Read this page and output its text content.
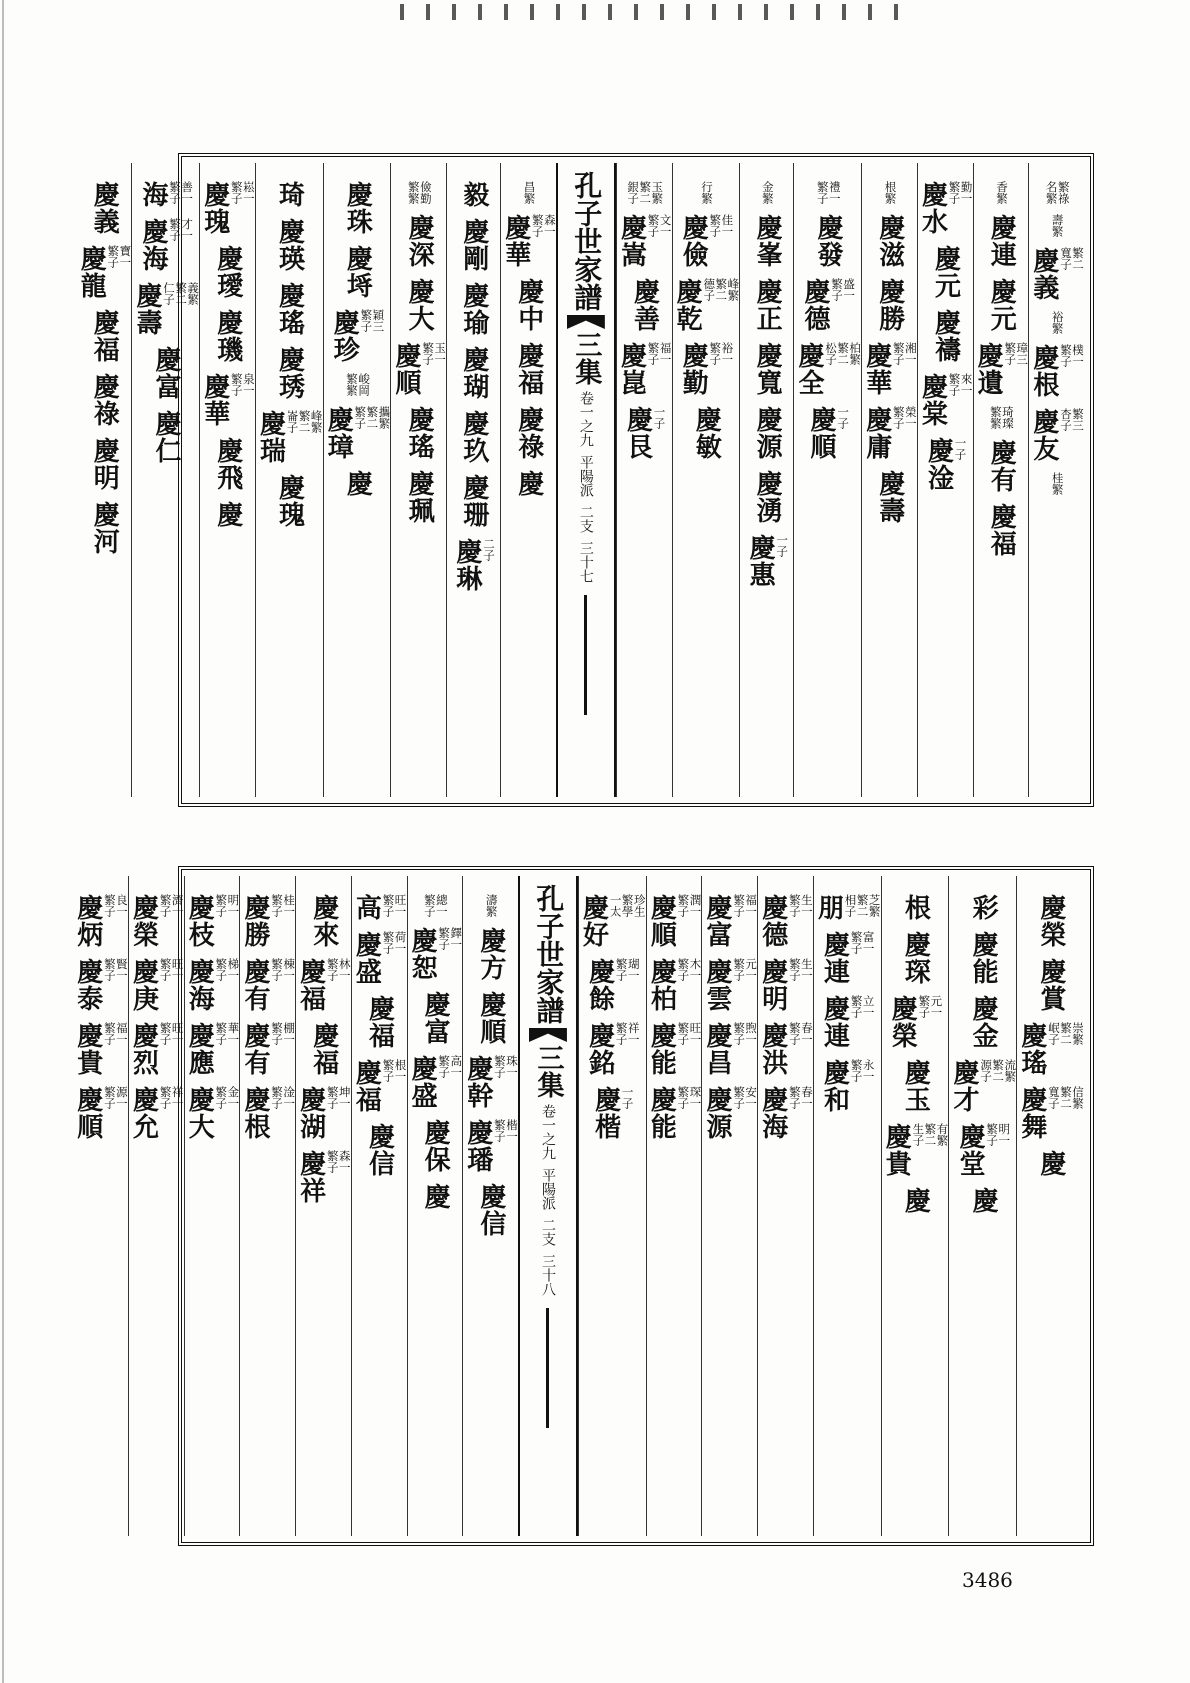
名繁
繁祿
壽繁
慶義 寬子
繁二
裕繁
慶根 繁子
樸一
慶友 杏子
繁三
桂繁
香繁
慶連
慶元
慶遺 繁子
璋三
繁繁
琦璨
慶有
慶福
慶水 繁子
勤一
慶元
慶禱
慶棠 繁子
來一
慶淦 一子
根繁
慶滋
慶勝
慶華 繁子
湘一
慶庸 繁子
榮一
慶壽
繁子
禮一
慶發
慶德 繁子
盛一
慶全 松子
繁二
柏繁
慶順 一子
金繁
慶峯
慶正
慶寬
慶源
慶湧
慶惠 一子
行繁
慶儉 繁子
佳一
慶乾 德子
繁二
峰繁
慶勤 繁子
裕一
慶敏
銀子
繁二
玉繁
慶嵩 繁子
文一
慶善
慶崑 繁子
福一
慶艮 一子
孔子世家譜
三集
卷一之九
平陽派
二支
三十七
昌繁
慶華 繁子
森一
慶中
慶福
慶祿
慶
毅
慶剛
慶瑜
慶瑚
慶玖
慶珊
慶琳 二子
繁繁
儉勤
慶深
慶大
慶順 繁子
玉一
慶瑤
慶珮
慶珠
慶埓
慶珍 繁子
穎三
繁繁
峻岡
慶璋 繁子
繁二
攜繁
慶
琦
慶瑛
慶瑤
慶琇
慶瑞 崙子
繁二
峰繁
慶瑰
慶瑰 繁子
崧一
慶璦
慶璣
慶華 繁子
泉一
慶飛
慶
海 繁子
善一
慶海 繁子
才一
慶壽 仁子
繁二
義繁
慶富
慶仁
慶義
慶龍 繁子
寶一
慶福
慶祿
慶明
慶河
慶榮
慶賞
慶瑤 岷子
繁二
崇繁
慶舞 寬子
繁二
信繁
慶
彩
慶能
慶金
慶才 源子
繁二
流繁
慶堂 繁子
明一
慶
根
慶琛
慶榮 繁子
元一
慶玉
慶貴 生子
繁二
有繁
慶
朋 相子
繁二
芝繁
慶連 繁子
富一
慶連 繁子
立一
慶和 繁子
永一
慶德 繁子
生一
慶明 繁子
生一
慶洪 繁子
春一
慶海 繁子
春一
慶富 繁子
福一
慶雲 繁子
元一
慶昌 繁子
煦一
慶源 繁子
安一
慶順 繁子
潤一
慶柏 繁子
木一
慶能 繁子
旺一
慶能 繁子
琛一
慶好 一太
繁學
珍生
慶餘 繁子
瑚一
慶銘 繁子
祥一
慶楷 一子
孔子世家譜
三集
卷一之九
平陽派
二支
三十八
濤繁
慶方
慶順
慶幹 繁子
珠一
慶璠 繁子
楷一
慶信
繁子
總一
慶恕 繁子
鐸一
慶富
慶盛 繁子
高一
慶保
慶
高 繁子
旺一
慶盛 繁子
荷一
慶福
慶福 繁子
根一
慶信
慶來
慶福 繁子
林一
慶福
慶湖 繁子
坤一
慶祥 繁子
森一
慶勝 繁子
桂一
慶有 繁子
棟一
慶有 繁子
棚一
慶根 繁子
淦一
慶枝 繁子
明一
慶海 繁子
梯一
慶應 繁子
華一
慶大 繁子
金一
慶榮 繁子
濟一
慶庚 繁子
旺一
慶烈 繁子
旺一
慶允 繁子
祥一
慶炳 繁子
良一
慶泰 繁子
賢一
慶貴 繁子
福一
慶順 繁子
源一
3486
